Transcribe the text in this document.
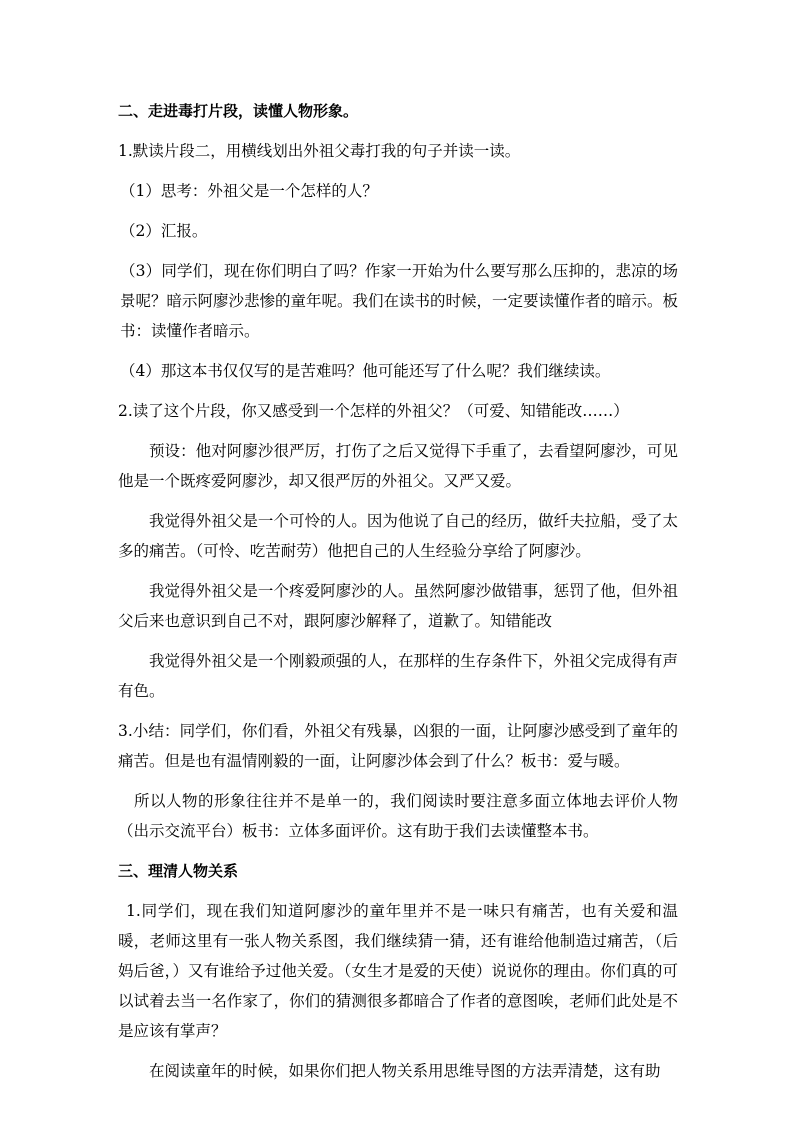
二、走进毒打片段，读懂人物形象。

1.默读片段二，用横线划出外祖父毒打我的句子并读一读。

（1）思考：外祖父是一个怎样的人？

（2）汇报。

（3）同学们，现在你们明白了吗？作家一开始为什么要写那么压抑的，悲凉的场景呢？暗示阿廖沙悲惨的童年呢。我们在读书的时候，一定要读懂作者的暗示。板书：读懂作者暗示。

（4）那这本书仅仅写的是苦难吗？他可能还写了什么呢？我们继续读。

2.读了这个片段，你又感受到一个怎样的外祖父？（可爱、知错能改……）

预设：他对阿廖沙很严厉，打伤了之后又觉得下手重了，去看望阿廖沙，可见他是一个既疼爱阿廖沙，却又很严厉的外祖父。又严又爱。

我觉得外祖父是一个可怜的人。因为他说了自己的经历，做纤夫拉船，受了太多的痛苦。（可怜、吃苦耐劳）他把自己的人生经验分享给了阿廖沙。

我觉得外祖父是一个疼爱阿廖沙的人。虽然阿廖沙做错事，惩罚了他，但外祖父后来也意识到自己不对，跟阿廖沙解释了，道歉了。知错能改

我觉得外祖父是一个刚毅顽强的人，在那样的生存条件下，外祖父完成得有声有色。

3.小结：同学们，你们看，外祖父有残暴，凶狠的一面，让阿廖沙感受到了童年的痛苦。但是也有温情刚毅的一面，让阿廖沙体会到了什么？板书：爱与暖。

所以人物的形象往往并不是单一的，我们阅读时要注意多面立体地去评价人物（出示交流平台）板书：立体多面评价。这有助于我们去读懂整本书。

三、理清人物关系

1.同学们，现在我们知道阿廖沙的童年里并不是一味只有痛苦，也有关爱和温暖，老师这里有一张人物关系图，我们继续猜一猜，还有谁给他制造过痛苦，（后妈后爸，）又有谁给予过他关爱。（女生才是爱的天使）说说你的理由。你们真的可以试着去当一名作家了，你们的猜测很多都暗合了作者的意图唉，老师们此处是不是应该有掌声？

在阅读童年的时候，如果你们把人物关系用思维导图的方法弄清楚，这有助
